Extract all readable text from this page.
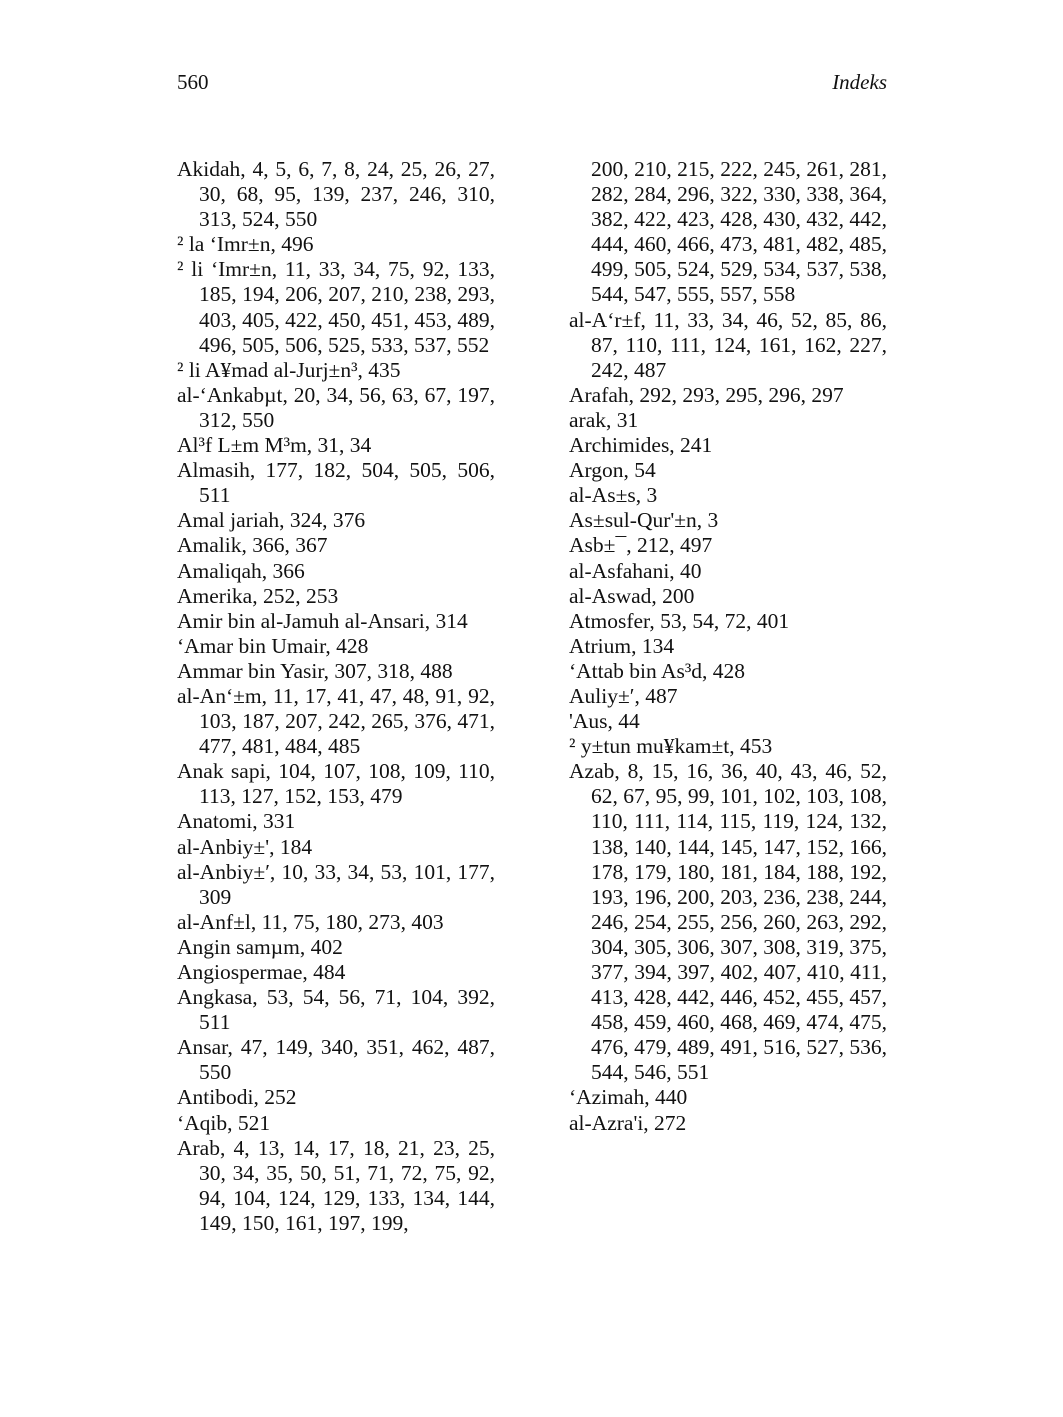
560	Indeks
Akidah, 4, 5, 6, 7, 8, 24, 25, 26, 27, 30, 68, 95, 139, 237, 246, 310, 313, 524, 550
² la ‘Imr±n, 496
² li ‘Imr±n, 11, 33, 34, 75, 92, 133, 185, 194, 206, 207, 210, 238, 293, 403, 405, 422, 450, 451, 453, 489, 496, 505, 506, 525, 533, 537, 552
² li A¥mad al-Jurj±n³, 435
al-‘Ankabµt, 20, 34, 56, 63, 67, 197, 312, 550
Al³f L±m M³m, 31, 34
Almasih, 177, 182, 504, 505, 506, 511
Amal jariah, 324, 376
Amalik, 366, 367
Amaliqah, 366
Amerika, 252, 253
Amir bin al-Jamuh al-Ansari, 314
‘Amar bin Umair, 428
Ammar bin Yasir, 307, 318, 488
al-An‘±m, 11, 17, 41, 47, 48, 91, 92, 103, 187, 207, 242, 265, 376, 471, 477, 481, 484, 485
Anak sapi, 104, 107, 108, 109, 110, 113, 127, 152, 153, 479
Anatomi, 331
al-Anbiy±', 184
al-Anbiy±′, 10, 33, 34, 53, 101, 177, 309
al-Anf±l, 11, 75, 180, 273, 403
Angin samµm, 402
Angiospermae, 484
Angkasa, 53, 54, 56, 71, 104, 392, 511
Ansar, 47, 149, 340, 351, 462, 487, 550
Antibodi, 252
‘Aqib, 521
Arab, 4, 13, 14, 17, 18, 21, 23, 25, 30, 34, 35, 50, 51, 71, 72, 75, 92, 94, 104, 124, 129, 133, 134, 144, 149, 150, 161, 197, 199,
200, 210, 215, 222, 245, 261, 281, 282, 284, 296, 322, 330, 338, 364, 382, 422, 423, 428, 430, 432, 442, 444, 460, 466, 473, 481, 482, 485, 499, 505, 524, 529, 534, 537, 538, 544, 547, 555, 557, 558
al-A‘r±f, 11, 33, 34, 46, 52, 85, 86, 87, 110, 111, 124, 161, 162, 227, 242, 487
Arafah, 292, 293, 295, 296, 297
arak, 31
Archimides, 241
Argon, 54
al-As±s, 3
As±sul-Qur'±n, 3
Asb±¯, 212, 497
al-Asfahani, 40
al-Aswad, 200
Atmosfer, 53, 54, 72, 401
Atrium, 134
‘Attab bin As³d, 428
Auliy±′, 487
'Aus, 44
² y±tun mu¥kam±t, 453
Azab, 8, 15, 16, 36, 40, 43, 46, 52, 62, 67, 95, 99, 101, 102, 103, 108, 110, 111, 114, 115, 119, 124, 132, 138, 140, 144, 145, 147, 152, 166, 178, 179, 180, 181, 184, 188, 192, 193, 196, 200, 203, 236, 238, 244, 246, 254, 255, 256, 260, 263, 292, 304, 305, 306, 307, 308, 319, 375, 377, 394, 397, 402, 407, 410, 411, 413, 428, 442, 446, 452, 455, 457, 458, 459, 460, 468, 469, 474, 475, 476, 479, 489, 491, 516, 527, 536, 544, 546, 551
‘Azimah, 440
al-Azra'i, 272
